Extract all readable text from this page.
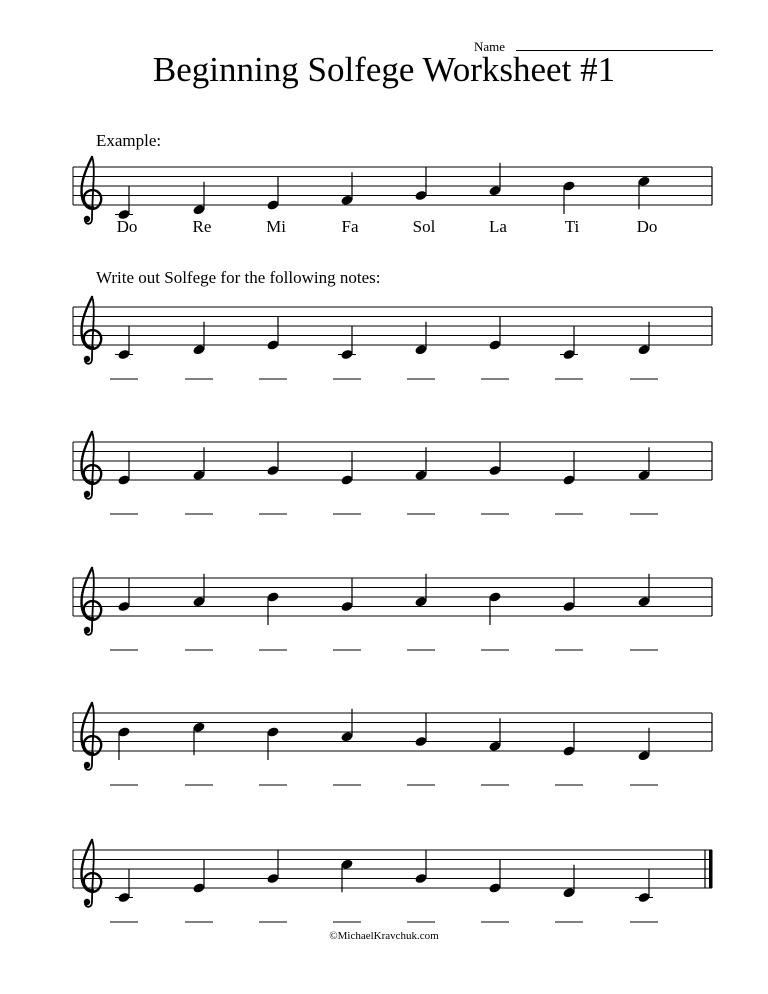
Name
Beginning Solfege Worksheet #1
Example:
Write out Solfege for the following notes:
Do	Re	Mi	Fa	Sol	La	Ti	Do
©MichaelKravchuk.com
